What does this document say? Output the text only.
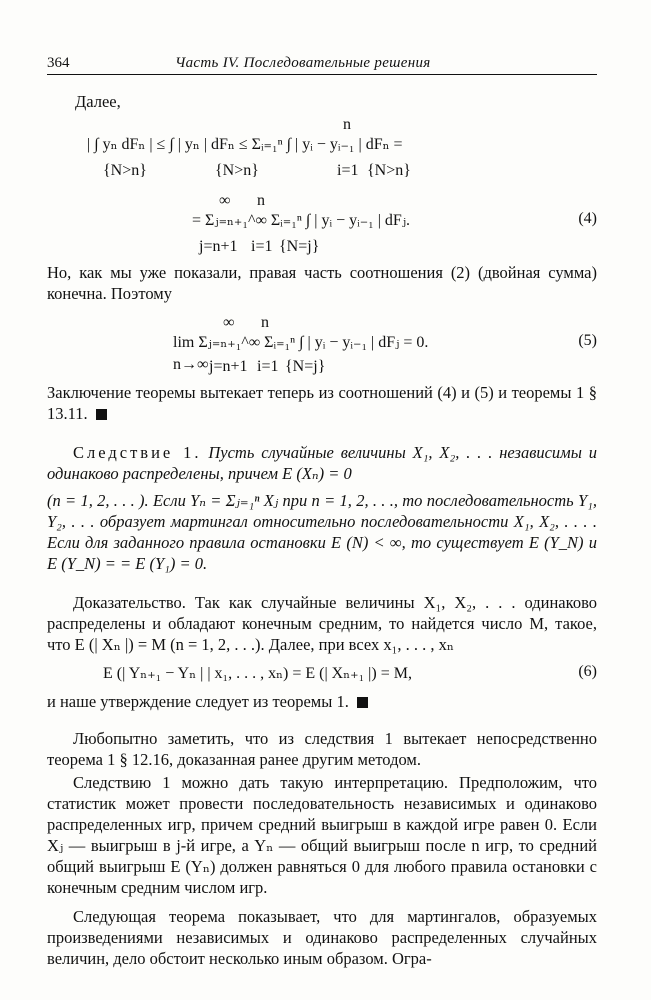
364	Часть IV. Последовательные решения

Далее,

| ∫ yₙ dFₙ | ≤ ∫ | yₙ | dFₙ ≤ Σᵢ₌₁ⁿ ∫ | yᵢ − yᵢ₋₁ | dFₙ =
{N>n}	{N>n}
n
i=1 {N>n}
= Σⱼ₌ₙ₊₁^∞ Σᵢ₌₁ⁿ ∫ | yᵢ − yᵢ₋₁ | dFⱼ.
∞ n
j=n+1 i=1 {N=j}
(4)

Но, как мы уже показали, правая часть соотношения (2) (двойная сумма) конечна. Поэтому

lim Σⱼ₌ₙ₊₁^∞ Σᵢ₌₁ⁿ ∫ | yᵢ − yᵢ₋₁ | dFⱼ = 0.
n→∞
∞ n
j=n+1 i=1 {N=j}
(5)

Заключение теоремы вытекает теперь из соотношений (4) и (5) и теоремы 1 § 13.11.

Следствие 1. Пусть случайные величины X₁, X₂, . . . независимы и одинаково распределены, причем E (Xₙ) = 0

(n = 1, 2, . . . ). Если Yₙ = Σⱼ₌₁ⁿ Xⱼ при n = 1, 2, . . ., то последовательность Y₁, Y₂, . . . образует мартингал относительно последовательности X₁, X₂, . . . . Если для заданного правила остановки E (N) < ∞, то существует E (Y_N) и E (Y_N) = = E (Y₁) = 0.

Доказательство. Так как случайные величины X₁, X₂, . . . одинаково распределены и обладают конечным средним, то найдется число M, такое, что E (| Xₙ |) = M (n = 1, 2, . . .). Далее, при всех x₁, . . . , xₙ

E (| Yₙ₊₁ − Yₙ | | x₁, . . . , xₙ) = E (| Xₙ₊₁ |) = M,	(6)

и наше утверждение следует из теоремы 1.

Любопытно заметить, что из следствия 1 вытекает непосредственно теорема 1 § 12.16, доказанная ранее другим методом.

Следствию 1 можно дать такую интерпретацию. Предположим, что статистик может провести последовательность независимых и одинаково распределенных игр, причем средний выигрыш в каждой игре равен 0. Если Xⱼ — выигрыш в j-й игре, а Yₙ — общий выигрыш после n игр, то средний общий выигрыш E (Yₙ) должен равняться 0 для любого правила остановки с конечным средним числом игр.

Следующая теорема показывает, что для мартингалов, образуемых произведениями независимых и одинаково распределенных случайных величин, дело обстоит несколько иным образом. Огра-
